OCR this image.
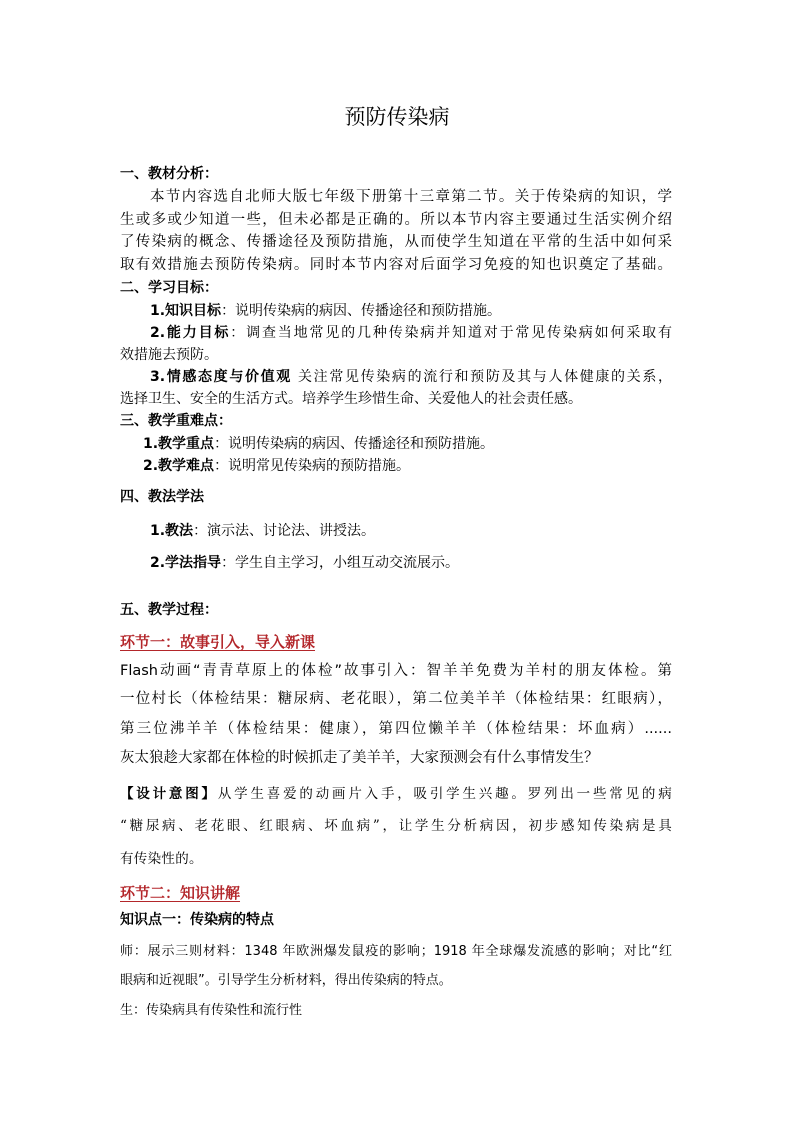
预防传染病
一、教材分析：
本节内容选自北师大版七年级下册第十三章第二节。关于传染病的知识，学
生或多或少知道一些，但未必都是正确的。所以本节内容主要通过生活实例介绍
了传染病的概念、传播途径及预防措施，从而使学生知道在平常的生活中如何采
取有效措施去预防传染病。同时本节内容对后面学习免疫的知也识奠定了基础。
二、学习目标：
1.知识目标：说明传染病的病因、传播途径和预防措施。
2.能力目标：调查当地常见的几种传染病并知道对于常见传染病如何采取有
效措施去预防。
3.情感态度与价值观 关注常见传染病的流行和预防及其与人体健康的关系，
选择卫生、安全的生活方式。培养学生珍惜生命、关爱他人的社会责任感。
三、教学重难点：
1.教学重点：说明传染病的病因、传播途径和预防措施。
2.教学难点：说明常见传染病的预防措施。
四、教法学法
1.教法：演示法、讨论法、讲授法。
2.学法指导：学生自主学习，小组互动交流展示。
五、教学过程：
环节一：故事引入，导入新课
Flash动画“青青草原上的体检”故事引入：智羊羊免费为羊村的朋友体检。第
一位村长（体检结果：糖尿病、老花眼），第二位美羊羊（体检结果：红眼病），
第三位沸羊羊（体检结果：健康），第四位懒羊羊（体检结果：坏血病）......
灰太狼趁大家都在体检的时候抓走了美羊羊，大家预测会有什么事情发生？
【设计意图】从学生喜爱的动画片入手，吸引学生兴趣。罗列出一些常见的病
“糖尿病、老花眼、红眼病、坏血病”，让学生分析病因，初步感知传染病是具
有传染性的。
环节二：知识讲解
知识点一：传染病的特点
师：展示三则材料：1348 年欧洲爆发鼠疫的影响；1918 年全球爆发流感的影响；对比“红
眼病和近视眼”。引导学生分析材料，得出传染病的特点。
生：传染病具有传染性和流行性
